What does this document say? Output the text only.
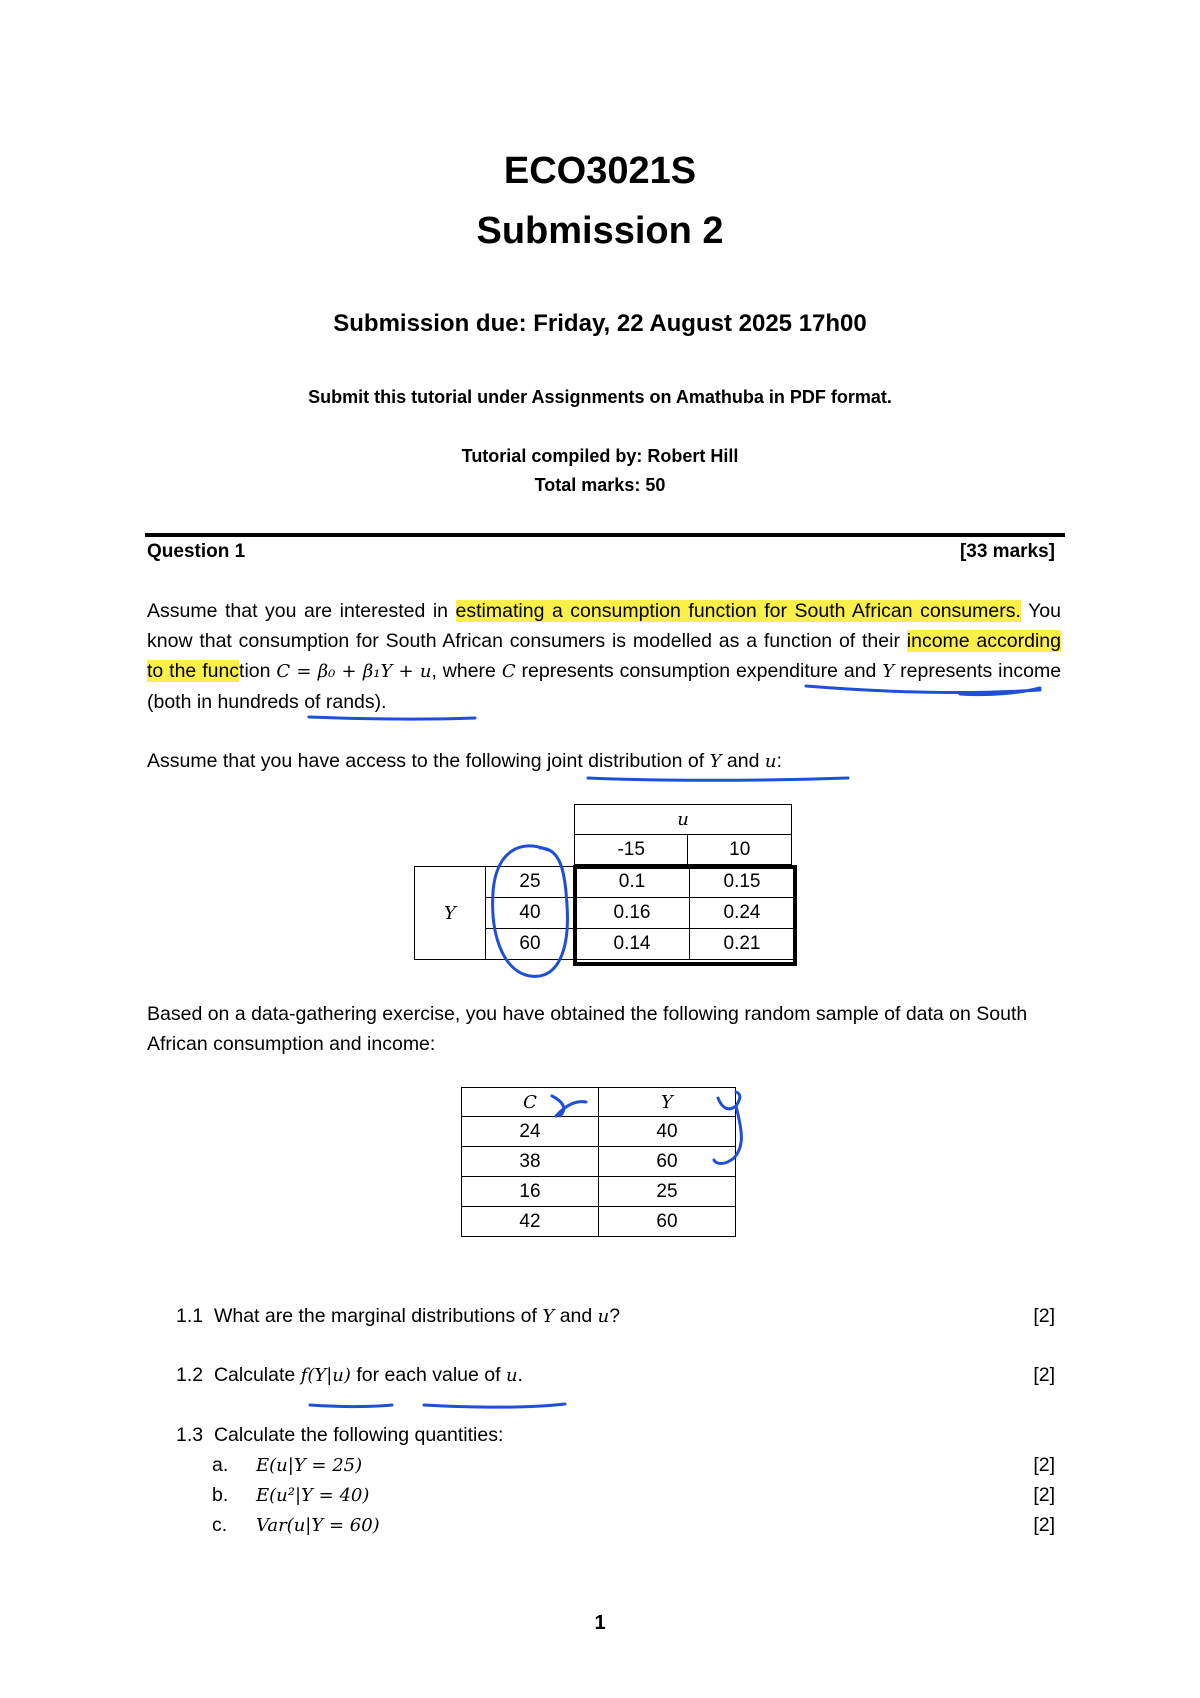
ECO3021S
Submission 2
Submission due: Friday, 22 August 2025 17h00
Submit this tutorial under Assignments on Amathuba in PDF format.
Tutorial compiled by: Robert Hill
Total marks: 50
Question 1	[33 marks]
Assume that you are interested in estimating a consumption function for South African consumers. You know that consumption for South African consumers is modelled as a function of their income according to the function C = β₀ + β₁Y + u, where C represents consumption expenditure and Y represents income (both in hundreds of rands).
Assume that you have access to the following joint distribution of Y and u:
u
-15	10
Y	25	0.1	0.15
	40	0.16	0.24
	60	0.14	0.21
Based on a data-gathering exercise, you have obtained the following random sample of data on South African consumption and income:
C	Y
24	40
38	60
16	25
42	60
1.1 What are the marginal distributions of Y and u?	[2]
1.2 Calculate f(Y|u) for each value of u.	[2]
1.3 Calculate the following quantities:
a. E(u|Y = 25)	[2]
b. E(u²|Y = 40)	[2]
c. Var(u|Y = 60)	[2]
1
